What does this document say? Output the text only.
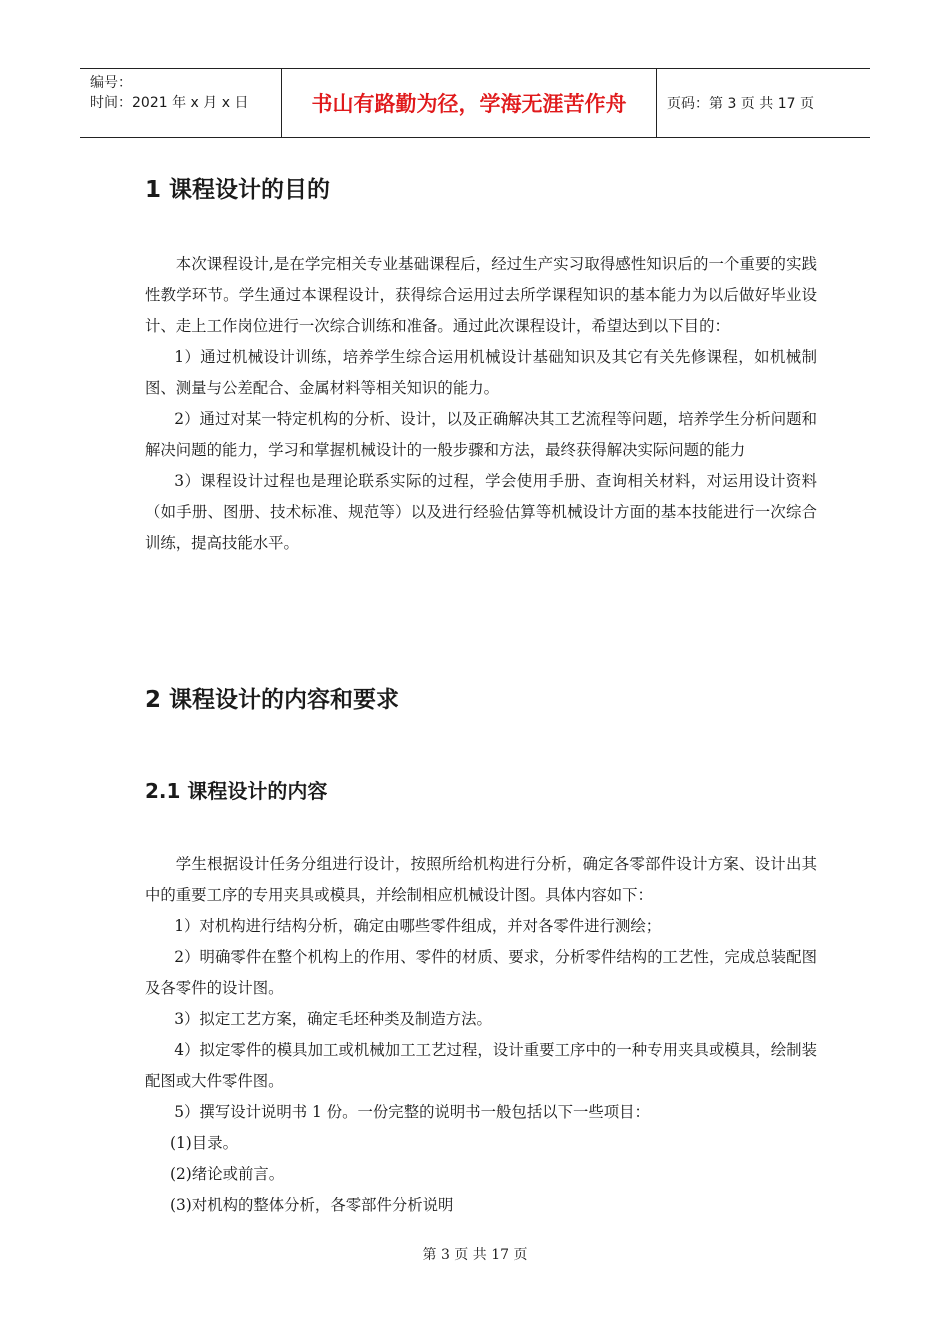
编号：
时间：2021 年 x 月 x 日	书山有路勤为径，学海无涯苦作舟	页码：第 3 页 共 17 页
1 课程设计的目的

本次课程设计,是在学完相关专业基础课程后，经过生产实习取得感性知识后的一个重要的实践性教学环节。学生通过本课程设计，获得综合运用过去所学课程知识的基本能力为以后做好毕业设计、走上工作岗位进行一次综合训练和准备。通过此次课程设计，希望达到以下目的：

1）通过机械设计训练，培养学生综合运用机械设计基础知识及其它有关先修课程，如机械制图、测量与公差配合、金属材料等相关知识的能力。

2）通过对某一特定机构的分析、设计，以及正确解决其工艺流程等问题，培养学生分析问题和解决问题的能力，学习和掌握机械设计的一般步骤和方法，最终获得解决实际问题的能力

3）课程设计过程也是理论联系实际的过程，学会使用手册、查询相关材料，对运用设计资料（如手册、图册、技术标准、规范等）以及进行经验估算等机械设计方面的基本技能进行一次综合训练，提高技能水平。

2 课程设计的内容和要求
2.1 课程设计的内容

学生根据设计任务分组进行设计，按照所给机构进行分析，确定各零部件设计方案、设计出其中的重要工序的专用夹具或模具，并绘制相应机械设计图。具体内容如下：

1）对机构进行结构分析，确定由哪些零件组成，并对各零件进行测绘；

2）明确零件在整个机构上的作用、零件的材质、要求，分析零件结构的工艺性，完成总装配图及各零件的设计图。

3）拟定工艺方案，确定毛坯种类及制造方法。

4）拟定零件的模具加工或机械加工工艺过程，设计重要工序中的一种专用夹具或模具，绘制装配图或大件零件图。

5）撰写设计说明书 1 份。一份完整的说明书一般包括以下一些项目：

(1)目录。

(2)绪论或前言。

(3)对机构的整体分析，各零部件分析说明

第 3 页 共 17 页
